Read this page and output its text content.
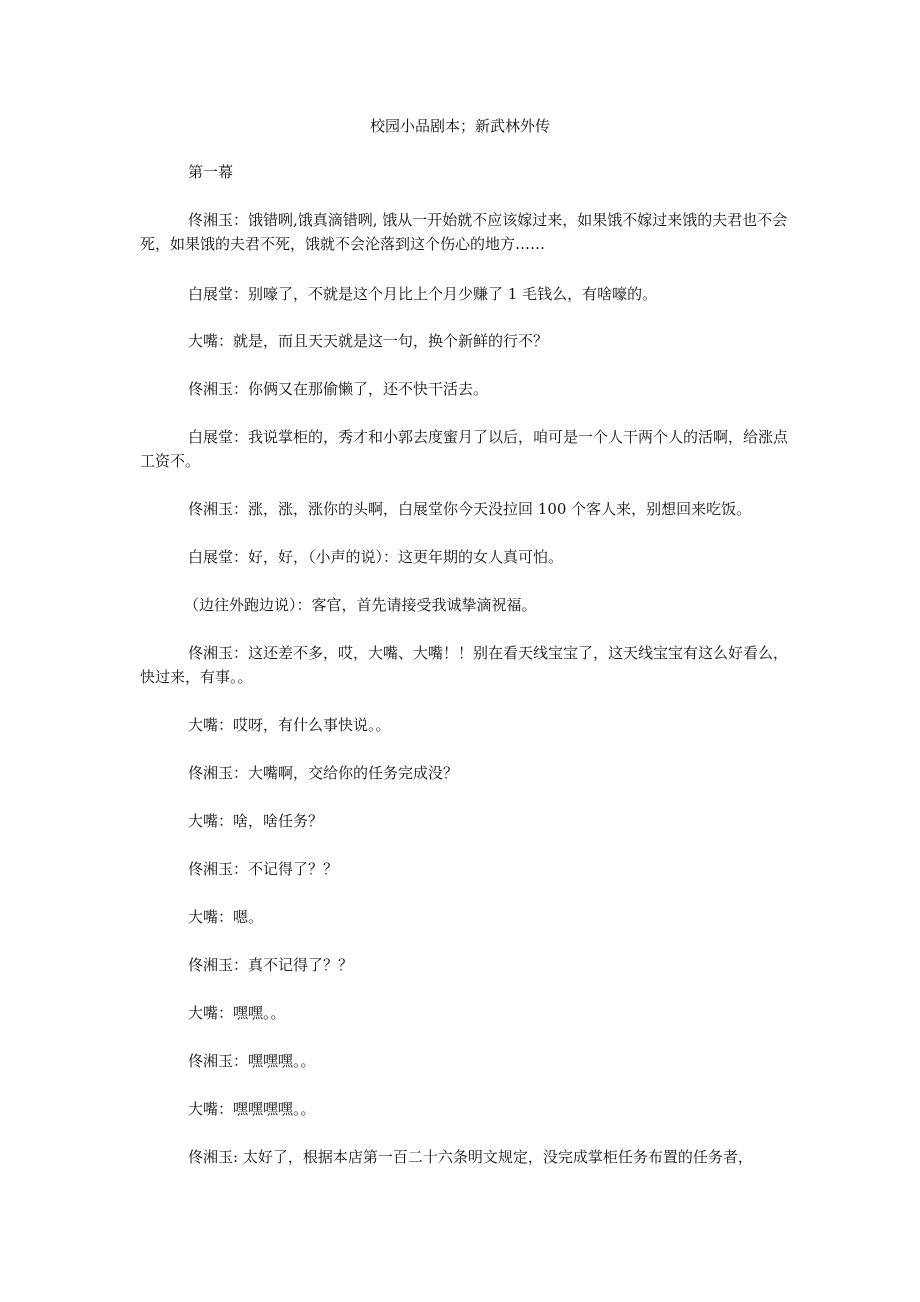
校园小品剧本；新武林外传

第一幕

佟湘玉：饿错咧,饿真滴错咧, 饿从一开始就不应该嫁过来，如果饿不嫁过来饿的夫君也不会死，如果饿的夫君不死，饿就不会沦落到这个伤心的地方……

白展堂：别嚎了，不就是这个月比上个月少赚了 1 毛钱么，有啥嚎的。

大嘴：就是，而且天天就是这一句，换个新鲜的行不？

佟湘玉：你俩又在那偷懒了，还不快干活去。

白展堂：我说掌柜的，秀才和小郭去度蜜月了以后，咱可是一个人干两个人的活啊，给涨点工资不。

佟湘玉：涨，涨，涨你的头啊，白展堂你今天没拉回 100 个客人来，别想回来吃饭。

白展堂：好，好，（小声的说）：这更年期的女人真可怕。

（边往外跑边说）：客官，首先请接受我诚挚滴祝福。

佟湘玉：这还差不多，哎，大嘴、大嘴！！别在看天线宝宝了，这天线宝宝有这么好看么，快过来，有事。。

大嘴：哎呀，有什么事快说。。

佟湘玉：大嘴啊，交给你的任务完成没？

大嘴：啥，啥任务？

佟湘玉：不记得了？？

大嘴：嗯。

佟湘玉：真不记得了？？

大嘴：嘿嘿。。

佟湘玉：嘿嘿嘿。。

大嘴：嘿嘿嘿嘿。。

佟湘玉: 太好了，根据本店第一百二十六条明文规定，没完成掌柜任务布置的任务者，
